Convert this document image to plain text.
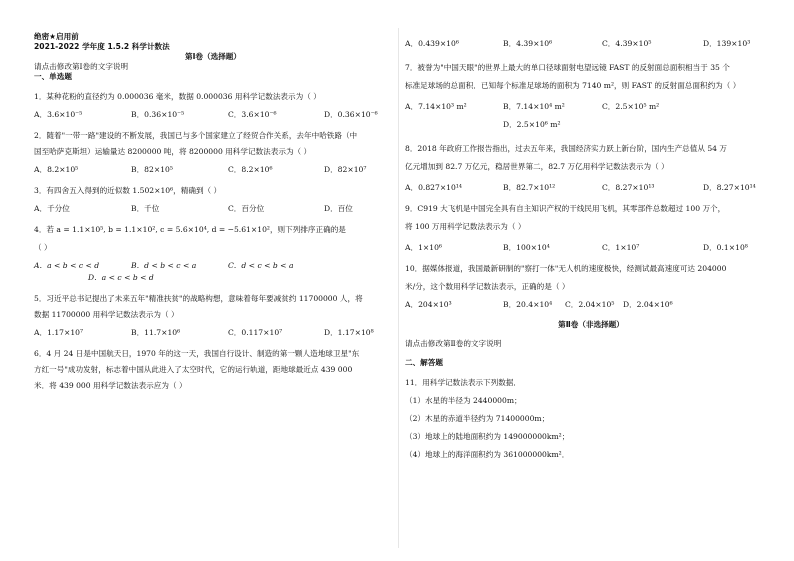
绝密★启用前

2021-2022 学年度 1.5.2 科学计数法

第Ⅰ卷（选择题）

请点击修改第Ⅰ卷的文字说明

一、单选题

1．某种花粉的直径约为 0.000036 毫米，数据 0.000036 用科学记数法表示为（ ）

A．3.6×10⁻⁵	B．0.36×10⁻⁵	C．3.6×10⁻⁶	D．0.36×10⁻⁶

2．随着"一带一路"建设的不断发展，我国已与多个国家建立了经贸合作关系，去年中哈铁路（中

国至哈萨克斯坦）运输量达 8200000 吨，将 8200000 用科学记数法表示为（ ）

A．8.2×10⁵	B．82×10⁵	C．8.2×10⁶	D．82×10⁷

3．有四舍五入得到的近似数 1.502×10⁶，精确到（ ）

A．千分位	B．千位	C．百分位	D．百位

4．若 a = 1.1×10⁵, b = 1.1×10², c = 5.6×10⁴, d = −5.61×10²，则下列排序正确的是

（ ）

A．a < b < c < d	B．d < b < c < a	C．d < c < b < a
D．a < c < b < d

5．习近平总书记提出了未来五年"精准扶贫"的战略构想，意味着每年要减贫约 11700000 人，将

数据 11700000 用科学记数法表示为（ ）

A．1.17×10⁷	B．11.7×10⁶	C．0.117×10⁷	D．1.17×10⁸

6．4 月 24 日是中国航天日，1970 年的这一天，我国自行设计、制造的第一颗人造地球卫星"东

方红一号"成功发射，标志着中国从此进入了太空时代，它的运行轨道，距地球最近点 439 000

米．将 439 000 用科学记数法表示应为（ ）

A．0.439×10⁶	B．4.39×10⁶	C．4.39×10⁵	D．139×10³

7．被誉为"中国天眼"的世界上最大的单口径球面射电望远镜 FAST 的反射面总面积相当于 35 个

标准足球场的总面积．已知每个标准足球场的面积为 7140 m²，则 FAST 的反射面总面积约为（ ）

A．7.14×10³ m²	B．7.14×10⁴ m²	C．2.5×10⁵ m²
D．2.5×10⁶ m²

8．2018 年政府工作报告指出，过去五年来，我国经济实力跃上新台阶，国内生产总值从 54 万

亿元增加到 82.7 万亿元，稳居世界第二，82.7 万亿用科学记数法表示为（ ）

A．0.827×10¹⁴	B．82.7×10¹²	C．8.27×10¹³	D．8.27×10¹⁴

9．C919 大飞机是中国完全具有自主知识产权的干线民用飞机，其零部件总数超过 100 万个，

将 100 万用科学记数法表示为（ ）

A．1×10⁶	B．100×10⁴	C．1×10⁷	D．0.1×10⁸

10．据媒体报道，我国最新研制的"察打一体"无人机的速度极快，经测试最高速度可达 204000

米/分，这个数用科学记数法表示，正确的是（ ）

A．204×10³	B．20.4×10⁴ C．2.04×10⁵ D．2.04×10⁶

第Ⅱ卷（非选择题）

请点击修改第Ⅱ卷的文字说明

二、解答题

11．用科学记数法表示下列数据．

（1）水星的半径为 2440000m；

（2）木星的赤道半径约为 71400000m；

（3）地球上的陆地面积约为 149000000km²；

（4）地球上的海洋面积约为 361000000km²．
